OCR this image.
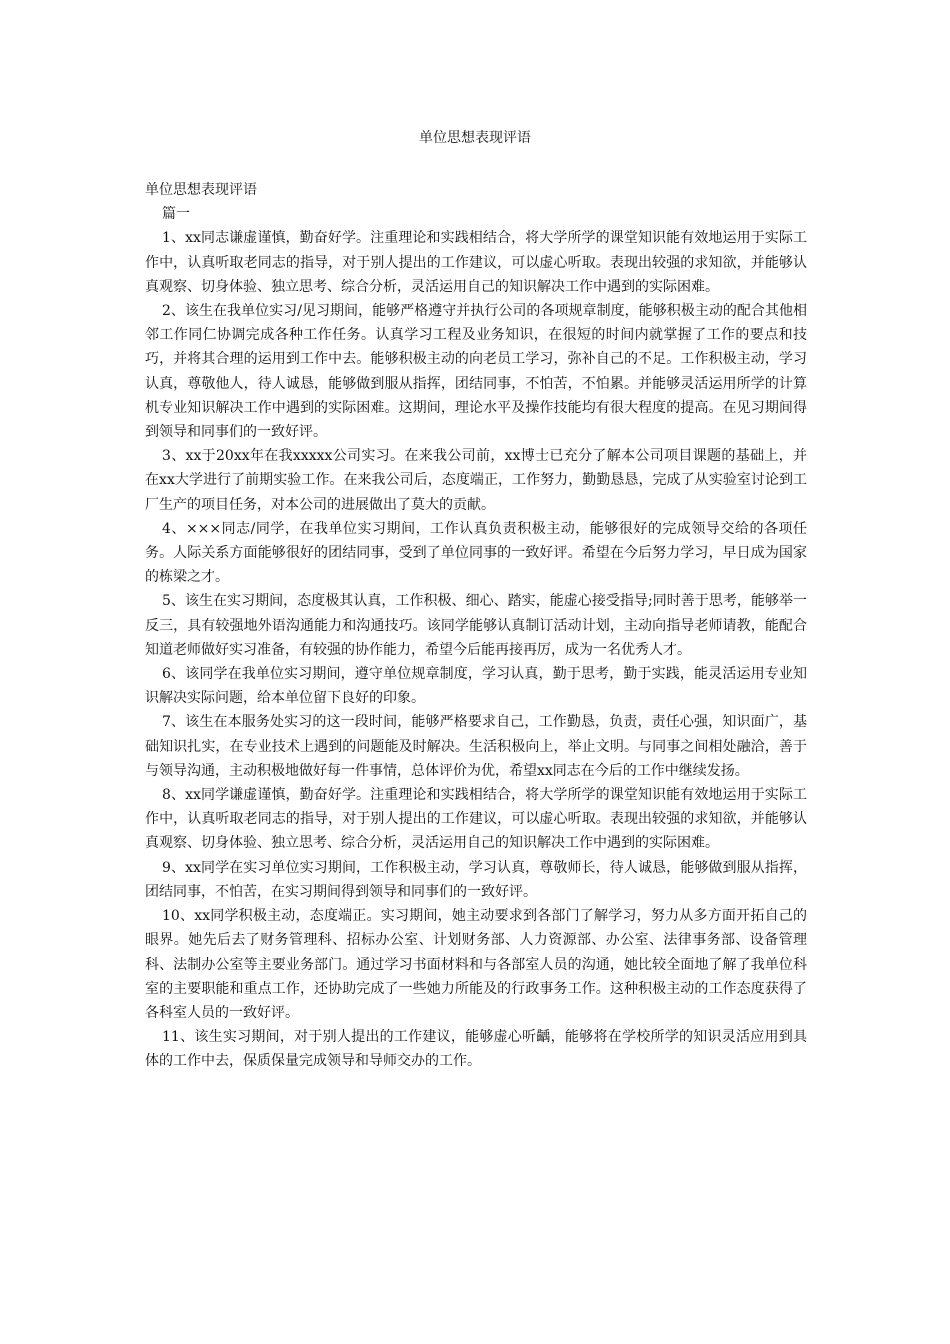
单位思想表现评语

单位思想表现评语

篇一

1、xx同志谦虚谨慎，勤奋好学。注重理论和实践相结合，将大学所学的课堂知识能有效地运用于实际工作中，认真听取老同志的指导，对于别人提出的工作建议，可以虚心听取。表现出较强的求知欲，并能够认真观察、切身体验、独立思考、综合分析，灵活运用自己的知识解决工作中遇到的实际困难。

2、该生在我单位实习/见习期间，能够严格遵守并执行公司的各项规章制度，能够积极主动的配合其他相邻工作同仁协调完成各种工作任务。认真学习工程及业务知识，在很短的时间内就掌握了工作的要点和技巧，并将其合理的运用到工作中去。能够积极主动的向老员工学习，弥补自己的不足。工作积极主动，学习认真，尊敬他人，待人诚恳，能够做到服从指挥，团结同事，不怕苦，不怕累。并能够灵活运用所学的计算机专业知识解决工作中遇到的实际困难。这期间，理论水平及操作技能均有很大程度的提高。在见习期间得到领导和同事们的一致好评。

3、xx于20xx年在我xxxxx公司实习。在来我公司前，xx博士已充分了解本公司项目课题的基础上，并在xx大学进行了前期实验工作。在来我公司后，态度端正，工作努力，勤勤恳恳，完成了从实验室讨论到工厂生产的项目任务，对本公司的进展做出了莫大的贡献。

4、×××同志/同学，在我单位实习期间，工作认真负责积极主动，能够很好的完成领导交给的各项任务。人际关系方面能够很好的团结同事，受到了单位同事的一致好评。希望在今后努力学习，早日成为国家的栋梁之才。

5、该生在实习期间，态度极其认真，工作积极、细心、踏实，能虚心接受指导;同时善于思考，能够举一反三，具有较强地外语沟通能力和沟通技巧。该同学能够认真制订活动计划，主动向指导老师请教，能配合知道老师做好实习准备，有较强的协作能力，希望今后能再接再厉，成为一名优秀人才。

6、该同学在我单位实习期间，遵守单位规章制度，学习认真，勤于思考，勤于实践，能灵活运用专业知识解决实际问题，给本单位留下良好的印象。

7、该生在本服务处实习的这一段时间，能够严格要求自己，工作勤恳，负责，责任心强，知识面广，基础知识扎实，在专业技术上遇到的问题能及时解决。生活积极向上，举止文明。与同事之间相处融洽，善于与领导沟通，主动积极地做好每一件事情，总体评价为优，希望xx同志在今后的工作中继续发扬。

8、xx同学谦虚谨慎，勤奋好学。注重理论和实践相结合，将大学所学的课堂知识能有效地运用于实际工作中，认真听取老同志的指导，对于别人提出的工作建议，可以虚心听取。表现出较强的求知欲，并能够认真观察、切身体验、独立思考、综合分析，灵活运用自己的知识解决工作中遇到的实际困难。

9、xx同学在实习单位实习期间，工作积极主动，学习认真，尊敬师长，待人诚恳，能够做到服从指挥，团结同事，不怕苦，在实习期间得到领导和同事们的一致好评。

10、xx同学积极主动，态度端正。实习期间，她主动要求到各部门了解学习，努力从多方面开拓自己的眼界。她先后去了财务管理科、招标办公室、计划财务部、人力资源部、办公室、法律事务部、设备管理科、法制办公室等主要业务部门。通过学习书面材料和与各部室人员的沟通，她比较全面地了解了我单位科室的主要职能和重点工作，还协助完成了一些她力所能及的行政事务工作。这种积极主动的工作态度获得了各科室人员的一致好评。

11、该生实习期间，对于别人提出的工作建议，能够虚心听齲，能够将在学校所学的知识灵活应用到具体的工作中去，保质保量完成领导和导师交办的工作。
